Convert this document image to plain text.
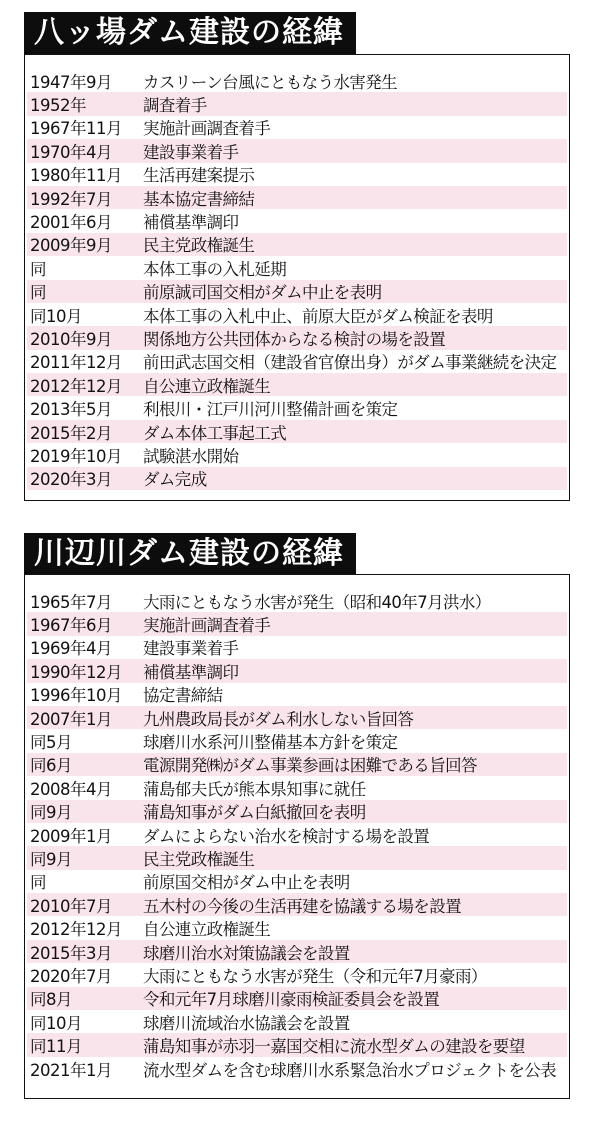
八ッ場ダム建設の経緯
1947年9月	カスリーン台風にともなう水害発生
1952年	調査着手
1967年11月	実施計画調査着手
1970年4月	建設事業着手
1980年11月	生活再建案提示
1992年7月	基本協定書締結
2001年6月	補償基準調印
2009年9月	民主党政権誕生
同	本体工事の入札延期
同	前原誠司国交相がダム中止を表明
同10月	本体工事の入札中止、前原大臣がダム検証を表明
2010年9月	関係地方公共団体からなる検討の場を設置
2011年12月	前田武志国交相（建設省官僚出身）がダム事業継続を決定
2012年12月	自公連立政権誕生
2013年5月	利根川・江戸川河川整備計画を策定
2015年2月	ダム本体工事起工式
2019年10月	試験湛水開始
2020年3月	ダム完成
川辺川ダム建設の経緯
1965年7月	大雨にともなう水害が発生（昭和40年7月洪水）
1967年6月	実施計画調査着手
1969年4月	建設事業着手
1990年12月	補償基準調印
1996年10月	協定書締結
2007年1月	九州農政局長がダム利水しない旨回答
同5月	球磨川水系河川整備基本方針を策定
同6月	電源開発㈱がダム事業参画は困難である旨回答
2008年4月	蒲島郁夫氏が熊本県知事に就任
同9月	蒲島知事がダム白紙撤回を表明
2009年1月	ダムによらない治水を検討する場を設置
同9月	民主党政権誕生
同	前原国交相がダム中止を表明
2010年7月	五木村の今後の生活再建を協議する場を設置
2012年12月	自公連立政権誕生
2015年3月	球磨川治水対策協議会を設置
2020年7月	大雨にともなう水害が発生（令和元年7月豪雨）
同8月	令和元年7月球磨川豪雨検証委員会を設置
同10月	球磨川流域治水協議会を設置
同11月	蒲島知事が赤羽一嘉国交相に流水型ダムの建設を要望
2021年1月	流水型ダムを含む球磨川水系緊急治水プロジェクトを公表
